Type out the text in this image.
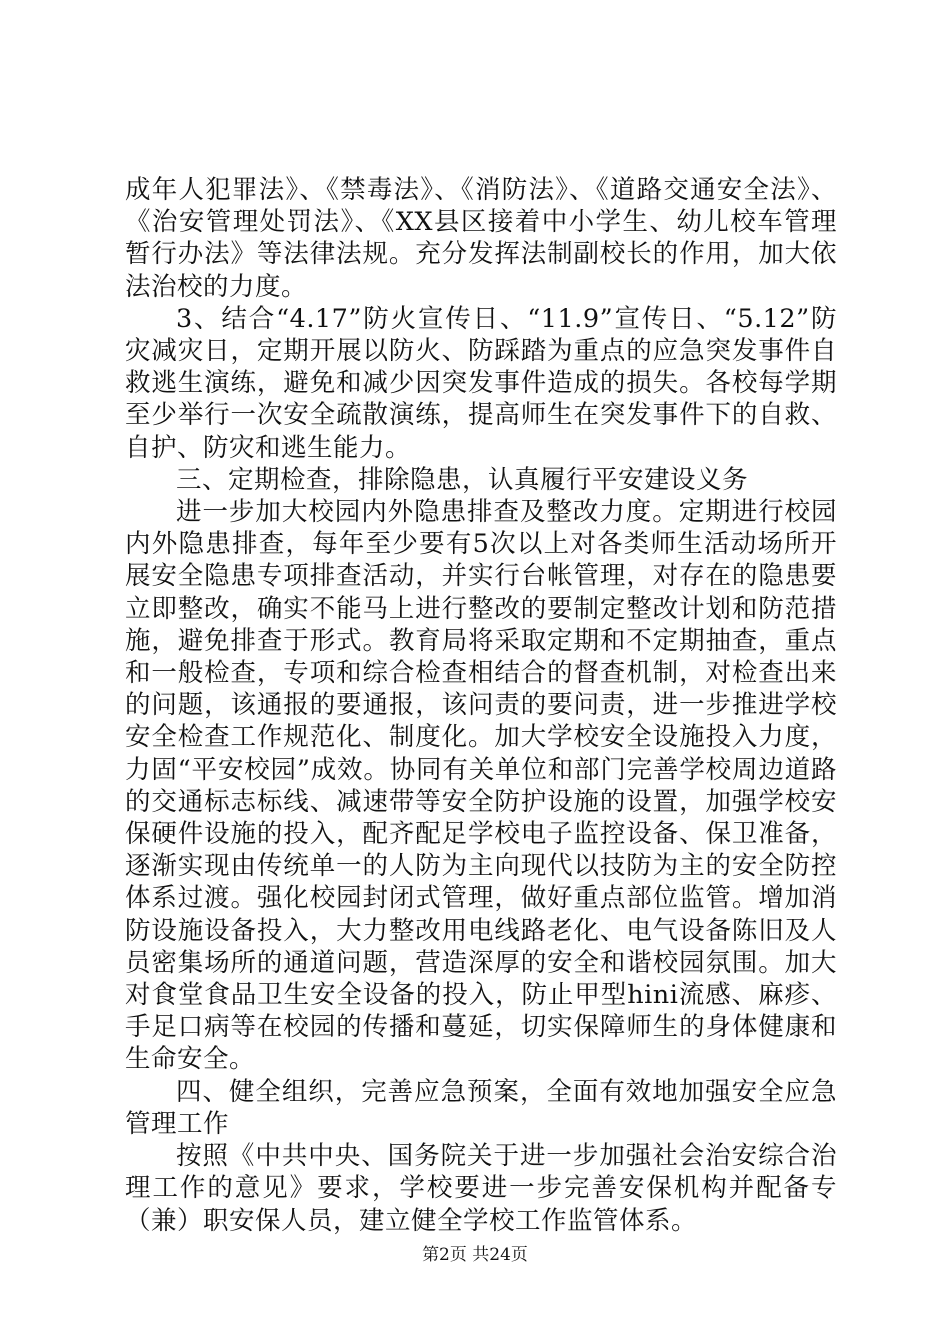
成年人犯罪法》、《禁毒法》、《消防法》、《道路交通安全法》、《治安管理处罚法》、《XX县区接着中小学生、幼儿校车管理暂行办法》等法律法规。充分发挥法制副校长的作用，加大依法治校的力度。

3、结合“4.17”防火宣传日、“11.9”宣传日、“5.12”防灾减灾日，定期开展以防火、防踩踏为重点的应急突发事件自救逃生演练，避免和减少因突发事件造成的损失。各校每学期至少举行一次安全疏散演练，提高师生在突发事件下的自救、自护、防灾和逃生能力。

三、定期检查，排除隐患，认真履行平安建设义务

进一步加大校园内外隐患排查及整改力度。定期进行校园内外隐患排查，每年至少要有5次以上对各类师生活动场所开展安全隐患专项排查活动，并实行台帐管理，对存在的隐患要立即整改，确实不能马上进行整改的要制定整改计划和防范措施，避免排查于形式。教育局将采取定期和不定期抽查，重点和一般检查，专项和综合检查相结合的督查机制，对检查出来的问题，该通报的要通报，该问责的要问责，进一步推进学校安全检查工作规范化、制度化。加大学校安全设施投入力度，力固“平安校园”成效。协同有关单位和部门完善学校周边道路的交通标志标线、减速带等安全防护设施的设置，加强学校安保硬件设施的投入，配齐配足学校电子监控设备、保卫准备，逐渐实现由传统单一的人防为主向现代以技防为主的安全防控体系过渡。强化校园封闭式管理，做好重点部位监管。增加消防设施设备投入，大力整改用电线路老化、电气设备陈旧及人员密集场所的通道问题，营造深厚的安全和谐校园氛围。加大对食堂食品卫生安全设备的投入，防止甲型hini流感、麻疹、手足口病等在校园的传播和蔓延，切实保障师生的身体健康和生命安全。

四、健全组织，完善应急预案，全面有效地加强安全应急管理工作

按照《中共中央、国务院关于进一步加强社会治安综合治理工作的意见》要求，学校要进一步完善安保机构并配备专（兼）职安保人员，建立健全学校工作监管体系。

第2页 共24页
